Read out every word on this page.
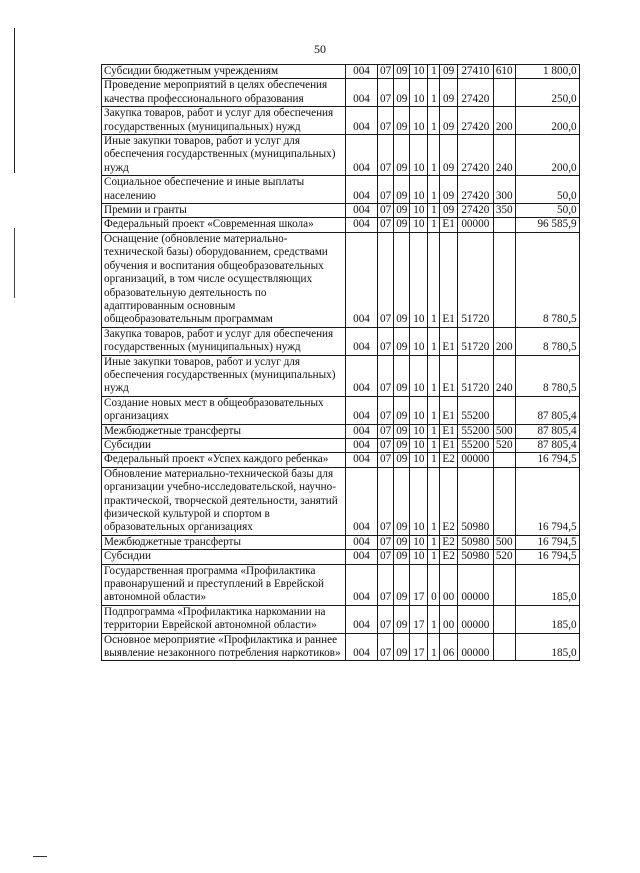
50
Субсидии бюджетным учреждениям	004	07	09	10	1	09	27410	610	1 800,0
Проведение мероприятий в целях обеспечения качества профессионального образования	004	07	09	10	1	09	27420		250,0
Закупка товаров, работ и услуг для обеспечения государственных (муниципальных) нужд	004	07	09	10	1	09	27420	200	200,0
Иные закупки товаров, работ и услуг для обеспечения государственных (муниципальных) нужд	004	07	09	10	1	09	27420	240	200,0
Социальное обеспечение и иные выплаты населению	004	07	09	10	1	09	27420	300	50,0
Премии и гранты	004	07	09	10	1	09	27420	350	50,0
Федеральный проект «Современная школа»	004	07	09	10	1	E1	00000		96 585,9
Оснащение (обновление материально-технической базы) оборудованием, средствами обучения и воспитания общеобразовательных организаций, в том числе осуществляющих образовательную деятельность по адаптированным основным общеобразовательным программам	004	07	09	10	1	E1	51720		8 780,5
Закупка товаров, работ и услуг для обеспечения государственных (муниципальных) нужд	004	07	09	10	1	E1	51720	200	8 780,5
Иные закупки товаров, работ и услуг для обеспечения государственных (муниципальных) нужд	004	07	09	10	1	E1	51720	240	8 780,5
Создание новых мест в общеобразовательных организациях	004	07	09	10	1	E1	55200		87 805,4
Межбюджетные трансферты	004	07	09	10	1	E1	55200	500	87 805,4
Субсидии	004	07	09	10	1	E1	55200	520	87 805,4
Федеральный проект «Успех каждого ребенка»	004	07	09	10	1	E2	00000		16 794,5
Обновление материально-технической базы для организации учебно-исследовательской, научно-практической, творческой деятельности, занятий физической культурой и спортом в образовательных организациях	004	07	09	10	1	E2	50980		16 794,5
Межбюджетные трансферты	004	07	09	10	1	E2	50980	500	16 794,5
Субсидии	004	07	09	10	1	E2	50980	520	16 794,5
Государственная программа «Профилактика правонарушений и преступлений в Еврейской автономной области»	004	07	09	17	0	00	00000		185,0
Подпрограмма «Профилактика наркомании на территории Еврейской автономной области»	004	07	09	17	1	00	00000		185,0
Основное мероприятие «Профилактика и раннее выявление незаконного потребления наркотиков»	004	07	09	17	1	06	00000		185,0
